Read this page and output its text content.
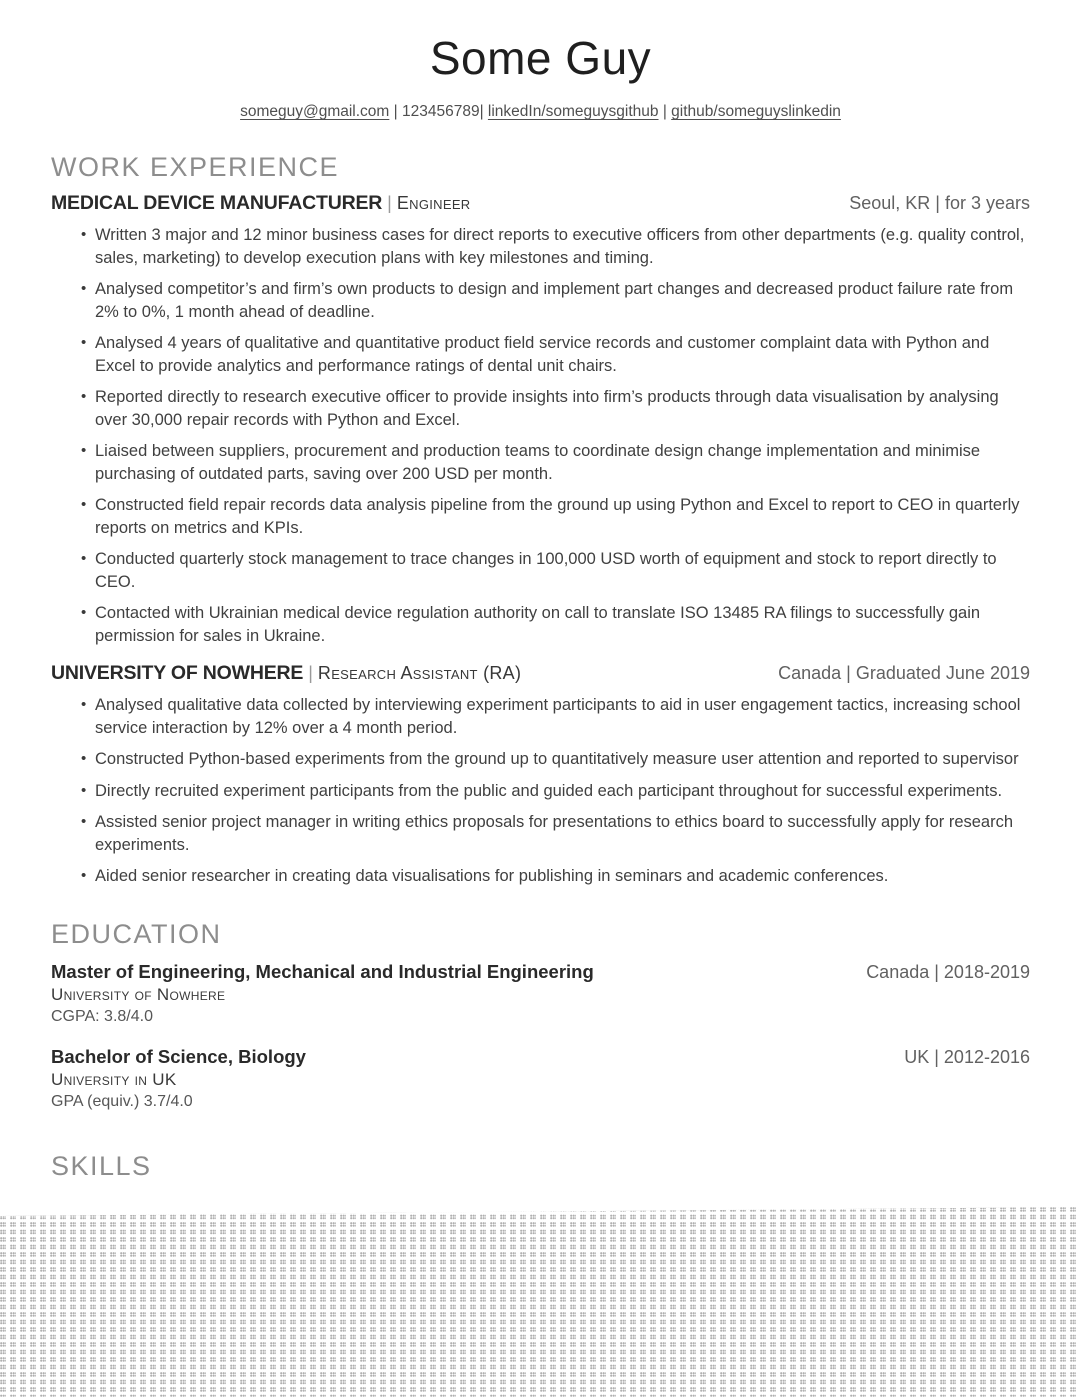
Some Guy
someguy@gmail.com | 123456789| linkedIn/someguysgithub | github/someguyslinkedin
WORK EXPERIENCE
MEDICAL DEVICE MANUFACTURER | Engineer	Seoul, KR | for 3 years
• Written 3 major and 12 minor business cases for direct reports to executive officers from other departments (e.g. quality control, sales, marketing) to develop execution plans with key milestones and timing.
• Analysed competitor’s and firm’s own products to design and implement part changes and decreased product failure rate from 2% to 0%, 1 month ahead of deadline.
• Analysed 4 years of qualitative and quantitative product field service records and customer complaint data with Python and Excel to provide analytics and performance ratings of dental unit chairs.
• Reported directly to research executive officer to provide insights into firm’s products through data visualisation by analysing over 30,000 repair records with Python and Excel.
• Liaised between suppliers, procurement and production teams to coordinate design change implementation and minimise purchasing of outdated parts, saving over 200 USD per month.
• Constructed field repair records data analysis pipeline from the ground up using Python and Excel to report to CEO in quarterly reports on metrics and KPIs.
• Conducted quarterly stock management to trace changes in 100,000 USD worth of equipment and stock to report directly to CEO.
• Contacted with Ukrainian medical device regulation authority on call to translate ISO 13485 RA filings to successfully gain permission for sales in Ukraine.
UNIVERSITY OF NOWHERE | Research Assistant (RA)	Canada | Graduated June 2019
• Analysed qualitative data collected by interviewing experiment participants to aid in user engagement tactics, increasing school service interaction by 12% over a 4 month period.
• Constructed Python-based experiments from the ground up to quantitatively measure user attention and reported to supervisor
• Directly recruited experiment participants from the public and guided each participant throughout for successful experiments.
• Assisted senior project manager in writing ethics proposals for presentations to ethics board to successfully apply for research experiments.
• Aided senior researcher in creating data visualisations for publishing in seminars and academic conferences.
EDUCATION
Master of Engineering, Mechanical and Industrial Engineering	Canada | 2018-2019
University of Nowhere
CGPA: 3.8/4.0
Bachelor of Science, Biology	UK | 2012-2016
University in UK
GPA (equiv.) 3.7/4.0
SKILLS
